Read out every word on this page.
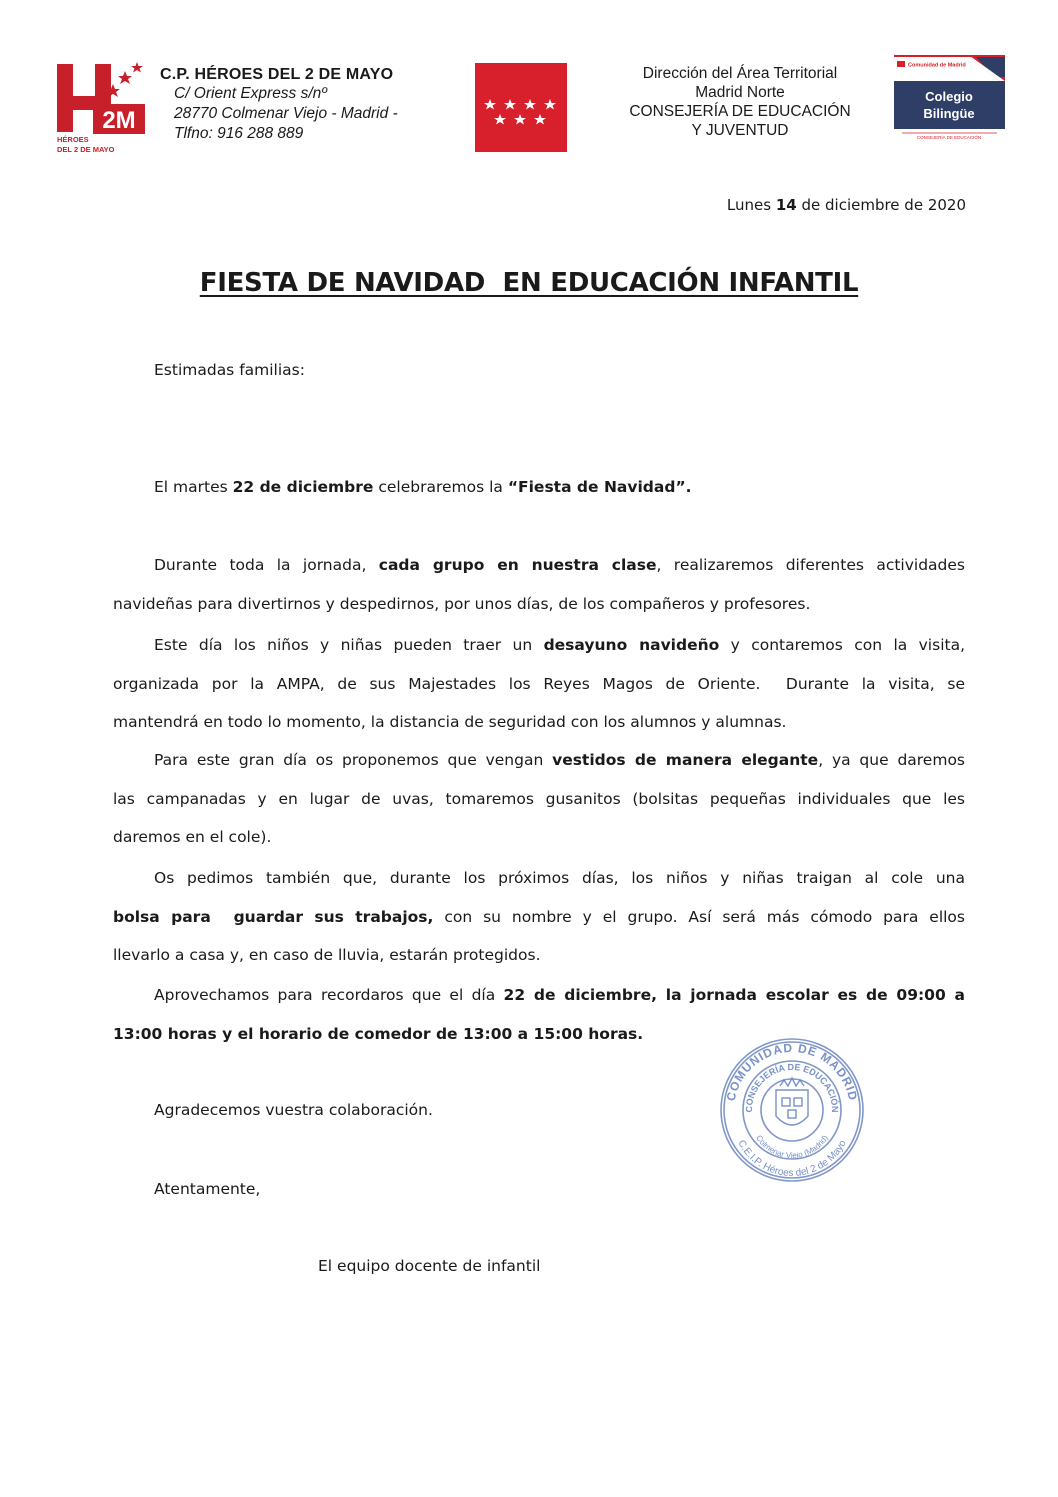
2M
HÉROES
DEL 2 DE MAYO
C.P. HÉROES DEL 2 DE MAYO
C/ Orient Express s/nº
28770 Colmenar Viejo - Madrid -
Tlfno: 916 288 889
Dirección del Área Territorial
Madrid Norte
CONSEJERÍA DE EDUCACIÓN
Y JUVENTUD
Comunidad de Madrid
Colegio
Bilingüe
CONSEJERÍA DE EDUCACIÓN
Lunes 14 de diciembre de 2020
FIESTA DE NAVIDAD  EN EDUCACIÓN INFANTIL
Estimadas familias:
El martes 22 de diciembre celebraremos la “Fiesta de Navidad”.
Durante toda la jornada, cada grupo en nuestra clase, realizaremos diferentes actividades
navideñas para divertirnos y despedirnos, por unos días, de los compañeros y profesores.
Este día los niños y niñas pueden traer un desayuno navideño y contaremos con la visita,
organizada por la AMPA, de sus Majestades los Reyes Magos de Oriente.  Durante la visita, se
mantendrá en todo lo momento, la distancia de seguridad con los alumnos y alumnas.
Para este gran día os proponemos que vengan vestidos de manera elegante, ya que daremos
las campanadas y en lugar de uvas, tomaremos gusanitos (bolsitas pequeñas individuales que les
daremos en el cole).
Os pedimos también que, durante los próximos días, los niños y niñas traigan al cole una
bolsa para  guardar sus trabajos, con su nombre y el grupo. Así será más cómodo para ellos
llevarlo a casa y, en caso de lluvia, estarán protegidos.
Aprovechamos para recordaros que el día 22 de diciembre, la jornada escolar es de 09:00 a
13:00 horas y el horario de comedor de 13:00 a 15:00 horas.
Agradecemos vuestra colaboración.
Atentamente,
El equipo docente de infantil
COMUNIDAD DE MADRID
CONSEJERÍA DE EDUCACIÓN
C.E.I.P. Héroes del 2 de Mayo
Colmenar Viejo (Madrid)
